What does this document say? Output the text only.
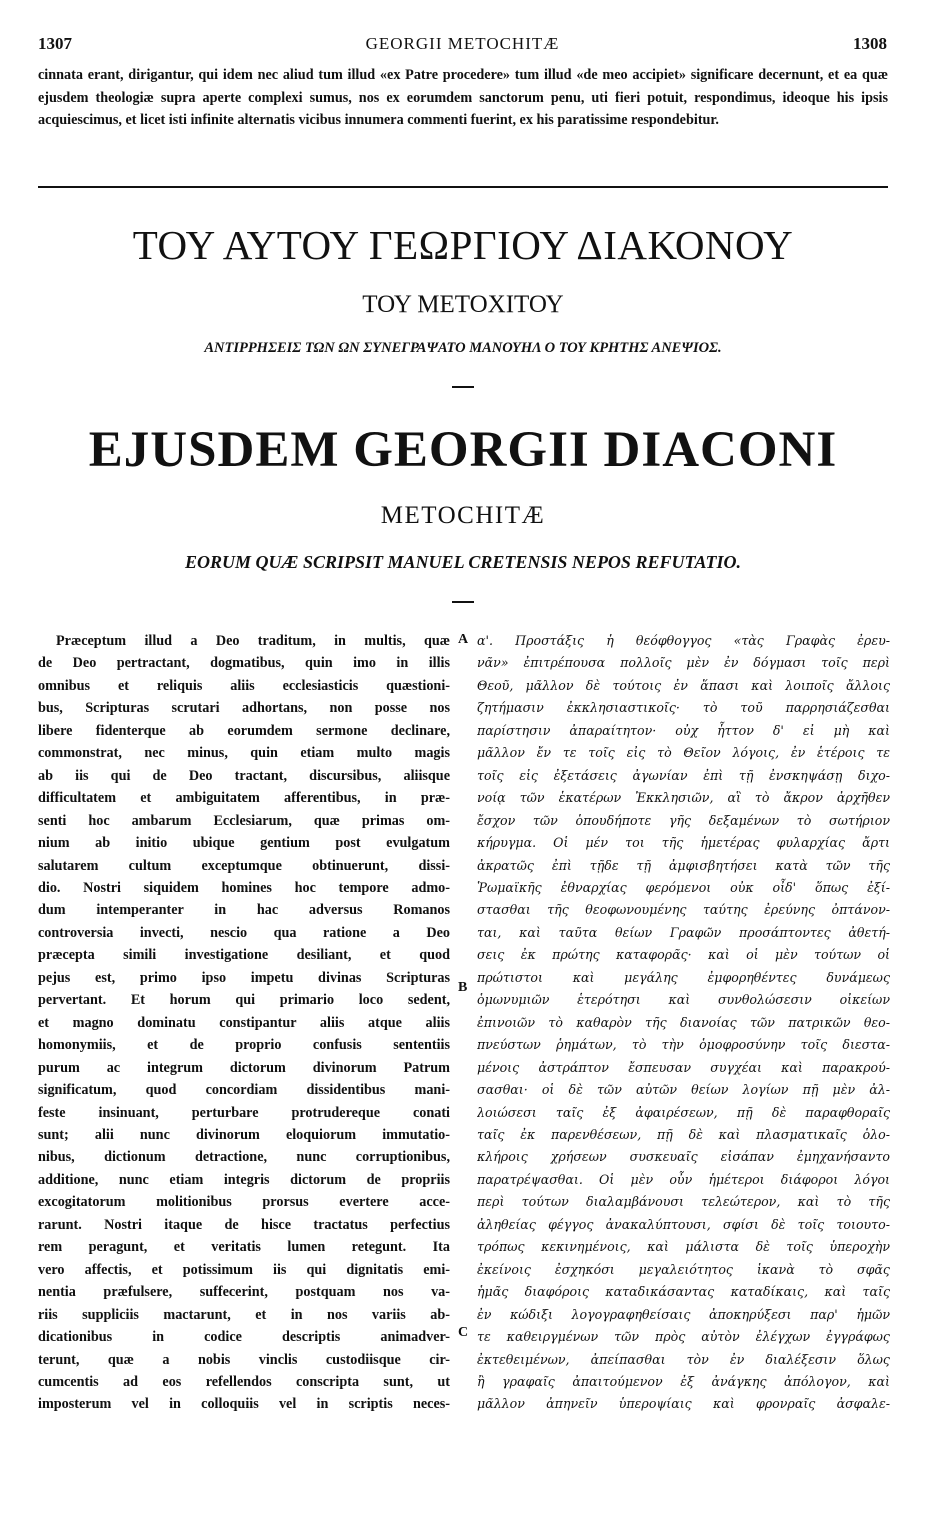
1307	GEORGII METOCHITÆ	1308
cinnata erant, dirigantur, qui idem nec aliud tum illud «ex Patre procedere» tum illud «de meo accipiet» significare decernunt, et ea quæ ejusdem theologiæ supra aperte complexi sumus, nos ex eorumdem sanctorum penu, uti fieri potuit, respondimus, ideoque his ipsis acquiescimus, et licet isti infinite alternatis vicibus innumera commenti fuerint, ex his paratissime respondebitur.
ΤΟΥ ΑΥΤΟΥ ΓΕΩΡΓΙΟΥ ΔΙΑΚΟΝΟΥ
ΤΟΥ ΜΕΤΟΧΙΤΟΥ
ΑΝΤΙΡΡΗΣΕΙΣ ΤΩΝ ΩΝ ΣΥΝΕΓΡΑΨΑΤΟ ΜΑΝΟΥΗΛ Ο ΤΟΥ ΚΡΗΤΗΣ ΑΝΕΨΙΟΣ.
EJUSDEM GEORGII DIACONI
METOCHITÆ
EORUM QUÆ SCRIPSIT MANUEL CRETENSIS NEPOS REFUTATIO.
Præceptum illud a Deo traditum, in multis, quæ
de Deo pertractant, dogmatibus, quin imo in illis
omnibus et reliquis aliis ecclesiasticis quæstioni-
bus, Scripturas scrutari adhortans, non posse nos
libere fidenterque ab eorumdem sermone declinare,
commonstrat, nec minus, quin etiam multo magis
ab iis qui de Deo tractant, discursibus, aliisque
difficultatem et ambiguitatem afferentibus, in præ-
senti hoc ambarum Ecclesiarum, quæ primas om-
nium ab initio ubique gentium post evulgatum
salutarem cultum exceptumque obtinuerunt, dissi-
dio. Nostri siquidem homines hoc tempore admo-
dum intemperanter in hac adversus Romanos
controversia invecti, nescio qua ratione a Deo
præcepta simili investigatione desiliant, et quod
pejus est, primo ipso impetu divinas Scripturas
pervertant. Et horum qui primario loco sedent,
et magno dominatu constipantur aliis atque aliis
homonymiis, et de proprio confusis sententiis
purum ac integrum dictorum divinorum Patrum
significatum, quod concordiam dissidentibus mani-
feste insinuant, perturbare protrudereque conati
sunt; alii nunc divinorum eloquiorum immutatio-
nibus, dictionum detractione, nunc corruptionibus,
additione, nunc etiam integris dictorum de propriis
excogitatorum molitionibus prorsus evertere acce-
rarunt. Nostri itaque de hisce tractatus perfectius
rem peragunt, et veritatis lumen retegunt. Ita
vero affectis, et potissimum iis qui dignitatis emi-
nentia præfulsere, suffecerint, postquam nos va-
riis suppliciis mactarunt, et in nos variis ab-
dicationibus in codice descriptis animadver-
terunt, quæ a nobis vinclis custodiisque cir-
cumcentis ad eos refellendos conscripta sunt, ut
imposterum vel in colloquiis vel in scriptis neces-
α'. Προστάξις ἡ θεόφθογγος «τὰς Γραφὰς ἐρευ-
νᾶν» ἐπιτρέπουσα πολλοῖς μὲν ἐν δόγμασι τοῖς περὶ
Θεοῦ, μᾶλλον δὲ τούτοις ἐν ἅπασι καὶ λοιποῖς ἄλλοις
ζητήμασιν ἐκκλησιαστικοῖς· τὸ τοῦ παρρησιάζεσθαι
παρίστησιν ἀπαραίτητον· οὐχ ἧττον δ' εἰ μὴ καὶ
μᾶλλον ἔν τε τοῖς εἰς τὸ Θεῖον λόγοις, ἐν ἑτέροις τε
τοῖς εἰς ἐξετάσεις ἀγωνίαν ἐπὶ τῇ ἐνσκηψάσῃ διχο-
νοίᾳ τῶν ἑκατέρων Ἐκκλησιῶν, αἳ τὸ ἄκρον ἀρχῆθεν
ἔσχον τῶν ὁπουδήποτε γῆς δεξαμένων τὸ σωτήριον
κήρυγμα. Οἱ μέν τοι τῆς ἡμετέρας φυλαρχίας ἄρτι
ἀκρατῶς ἐπὶ τῇδε τῇ ἀμφισβητήσει κατὰ τῶν τῆς
Ῥωμαϊκῆς ἐθναρχίας φερόμενοι οὐκ οἶδ' ὅπως ἐξί-
στασθαι τῆς θεοφωνουμένης ταύτης ἐρεύνης ὀπτάνον-
ται, καὶ ταῦτα θείων Γραφῶν προσάπτοντες ἀθετή-
σεις ἐκ πρώτης καταφορᾶς· καὶ οἱ μὲν τούτων οἱ
πρώτιστοι καὶ μεγάλης ἐμφορηθέντες δυνάμεως
ὁμωνυμιῶν ἑτερότησι καὶ συνθολώσεσιν οἰκείων
ἐπινοιῶν τὸ καθαρὸν τῆς διανοίας τῶν πατρικῶν θεο-
πνεύστων ῥημάτων, τὸ τὴν ὁμοφροσύνην τοῖς διεστα-
μένοις ἀστράπτον ἔσπευσαν συγχέαι καὶ παρακρού-
σασθαι· οἱ δὲ τῶν αὐτῶν θείων λογίων πῇ μὲν ἀλ-
λοιώσεσι ταῖς ἐξ ἀφαιρέσεων, πῇ δὲ παραφθοραῖς
ταῖς ἐκ παρενθέσεων, πῇ δὲ καὶ πλασματικαῖς ὁλο-
κλήροις χρήσεων συσκευαῖς εἰσάπαν ἐμηχανήσαντο
παρατρέψασθαι. Οἱ μὲν οὖν ἡμέτεροι διάφοροι λόγοι
περὶ τούτων διαλαμβάνουσι τελεώτερον, καὶ τὸ τῆς
ἀληθείας φέγγος ἀνακαλύπτουσι, σφίσι δὲ τοῖς τοιουτο-
τρόπως κεκινημένοις, καὶ μάλιστα δὲ τοῖς ὑπεροχὴν
ἐκείνοις ἐσχηκόσι μεγαλειότητος ἱκανὰ τὸ σφᾶς
ἡμᾶς διαφόροις καταδικάσαντας καταδίκαις, καὶ ταῖς
ἐν κώδιξι λογογραφηθείσαις ἀποκηρύξεσι παρ' ἡμῶν
τε καθειργμένων τῶν πρὸς αὐτὸν ἐλέγχων ἐγγράφως
ἐκτεθειμένων, ἀπείπασθαι τὸν ἐν διαλέξεσιν ὅλως
ἢ γραφαῖς ἀπαιτούμενον ἐξ ἀνάγκης ἀπόλογον, καὶ
μᾶλλον ἀπηνεῖν ὑπεροψίαις καὶ φρονραῖς ἀσφαλε-
A
B
C
